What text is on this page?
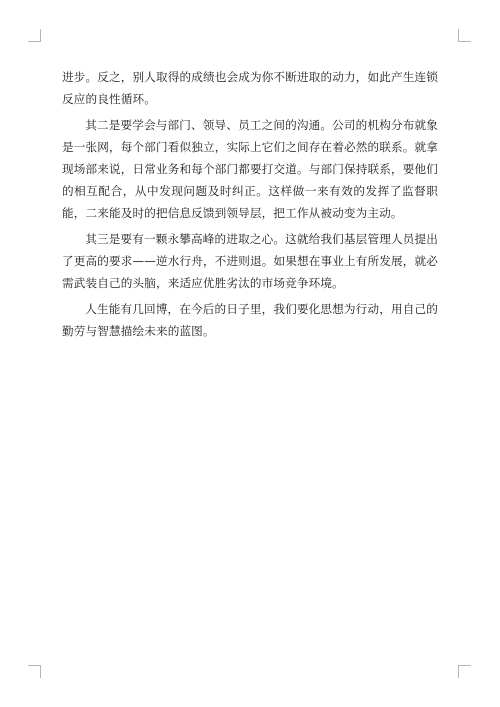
进步。反之，别人取得的成绩也会成为你不断进取的动力，如此产生连锁反应的良性循环。

其二是要学会与部门、领导、员工之间的沟通。公司的机构分布就象是一张网，每个部门看似独立，实际上它们之间存在着必然的联系。就拿现场部来说，日常业务和每个部门都要打交道。与部门保持联系，要他们的相互配合，从中发现问题及时纠正。这样做一来有效的发挥了监督职能，二来能及时的把信息反馈到领导层，把工作从被动变为主动。

其三是要有一颗永攀高峰的进取之心。这就给我们基层管理人员提出了更高的要求——逆水行舟，不进则退。如果想在事业上有所发展，就必需武装自己的头脑，来适应优胜劣汰的市场竞争环境。

人生能有几回博，在今后的日子里，我们要化思想为行动，用自己的勤劳与智慧描绘未来的蓝图。
